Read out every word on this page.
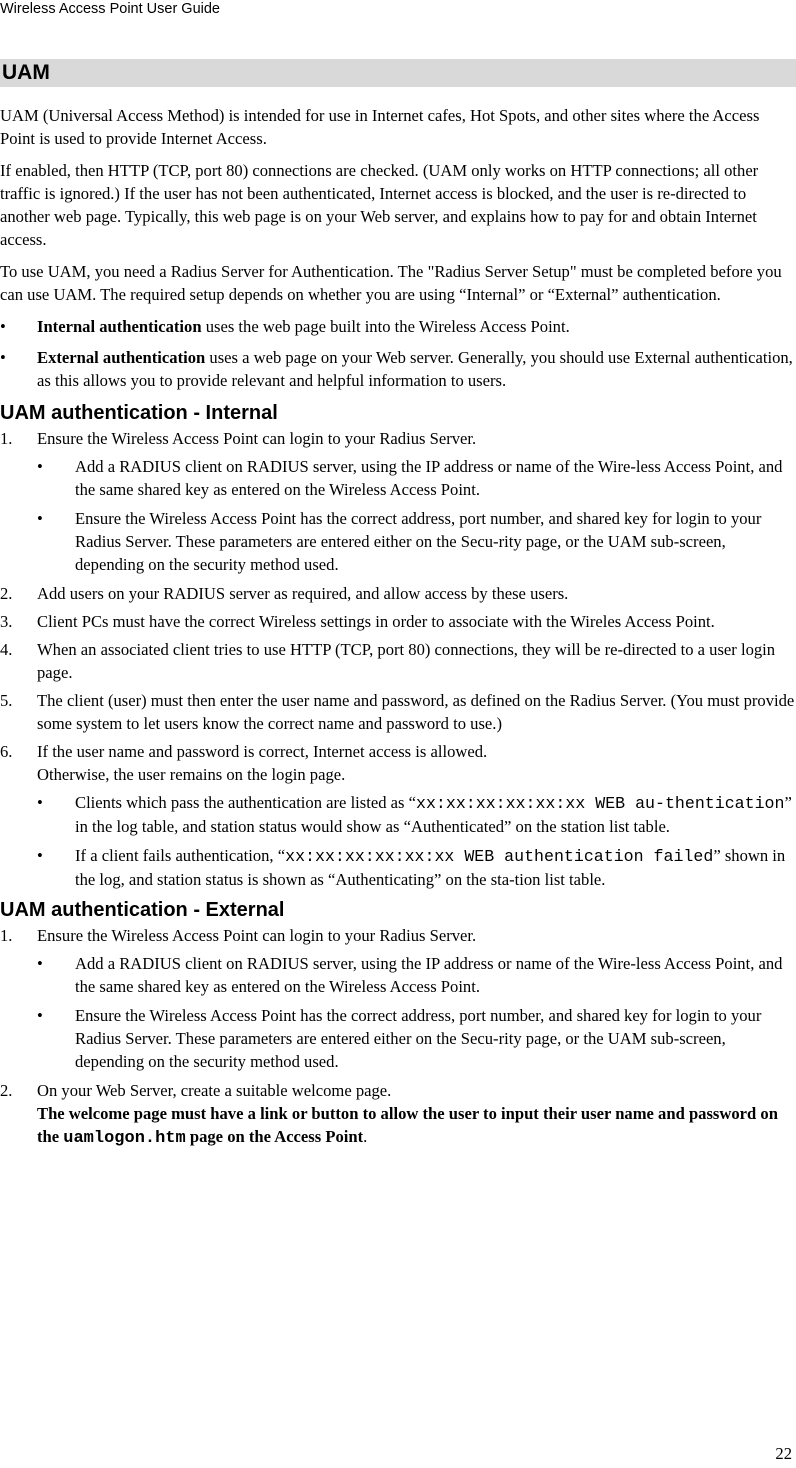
Wireless Access Point User Guide
UAM

UAM (Universal Access Method) is intended for use in Internet cafes, Hot Spots, and other sites where the Access Point is used to provide Internet Access.

If enabled, then HTTP (TCP, port 80) connections are checked. (UAM only works on HTTP connections; all other traffic is ignored.) If the user has not been authenticated, Internet access is blocked, and the user is re-directed to another web page. Typically, this web page is on your Web server, and explains how to pay for and obtain Internet access.

To use UAM, you need a Radius Server for Authentication. The "Radius Server Setup" must be completed before you can use UAM. The required setup depends on whether you are using “Internal” or “External” authentication.

• Internal authentication uses the web page built into the Wireless Access Point.
• External authentication uses a web page on your Web server. Generally, you should use External authentication, as this allows you to provide relevant and helpful information to users.
UAM authentication - Internal
1. Ensure the Wireless Access Point can login to your Radius Server.
• Add a RADIUS client on RADIUS server, using the IP address or name of the Wire-less Access Point, and the same shared key as entered on the Wireless Access Point.
• Ensure the Wireless Access Point has the correct address, port number, and shared key for login to your Radius Server. These parameters are entered either on the Secu-rity page, or the UAM sub-screen, depending on the security method used.
2. Add users on your RADIUS server as required, and allow access by these users.
3. Client PCs must have the correct Wireless settings in order to associate with the Wireles Access Point.
4. When an associated client tries to use HTTP (TCP, port 80) connections, they will be re-directed to a user login page.
5. The client (user) must then enter the user name and password, as defined on the Radius Server. (You must provide some system to let users know the correct name and password to use.)
6. If the user name and password is correct, Internet access is allowed.
Otherwise, the user remains on the login page.
• Clients which pass the authentication are listed as “xx:xx:xx:xx:xx:xx WEB au-thentication” in the log table, and station status would show as “Authenticated” on the station list table.
• If a client fails authentication, “xx:xx:xx:xx:xx:xx WEB authentication failed” shown in the log, and station status is shown as “Authenticating” on the sta-tion list table.
UAM authentication - External
1. Ensure the Wireless Access Point can login to your Radius Server.
• Add a RADIUS client on RADIUS server, using the IP address or name of the Wire-less Access Point, and the same shared key as entered on the Wireless Access Point.
• Ensure the Wireless Access Point has the correct address, port number, and shared key for login to your Radius Server. These parameters are entered either on the Secu-rity page, or the UAM sub-screen, depending on the security method used.
2. On your Web Server, create a suitable welcome page.
The welcome page must have a link or button to allow the user to input their user name and password on the uamlogon.htm page on the Access Point.
22
